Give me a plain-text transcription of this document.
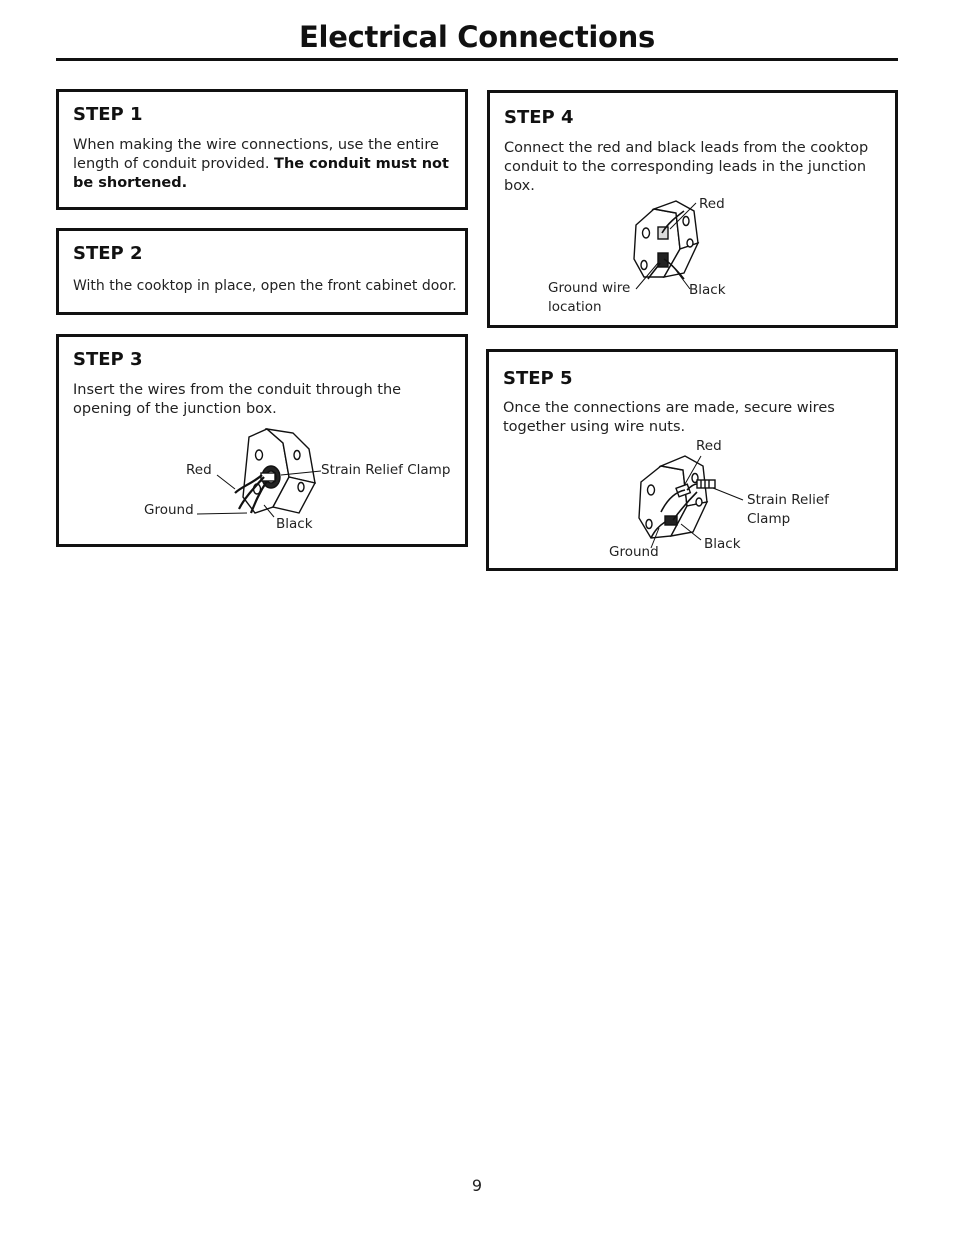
Electrical Connections
STEP 1
When making the wire connections, use the entire length of conduit provided. The conduit must not be shortened.
STEP 2
With the cooktop in place, open the front cabinet door.
STEP 3
Insert the wires from the conduit through the opening of the junction box.
Red
Ground
Black
Strain Relief Clamp
STEP 4
Connect the red and black leads from the cooktop conduit to the corresponding leads in the junction box.
Red
Ground wire
location
Black
STEP 5
Once the connections are made, secure wires together using wire nuts.
Red
Strain Relief
Clamp
Ground	Black
9
